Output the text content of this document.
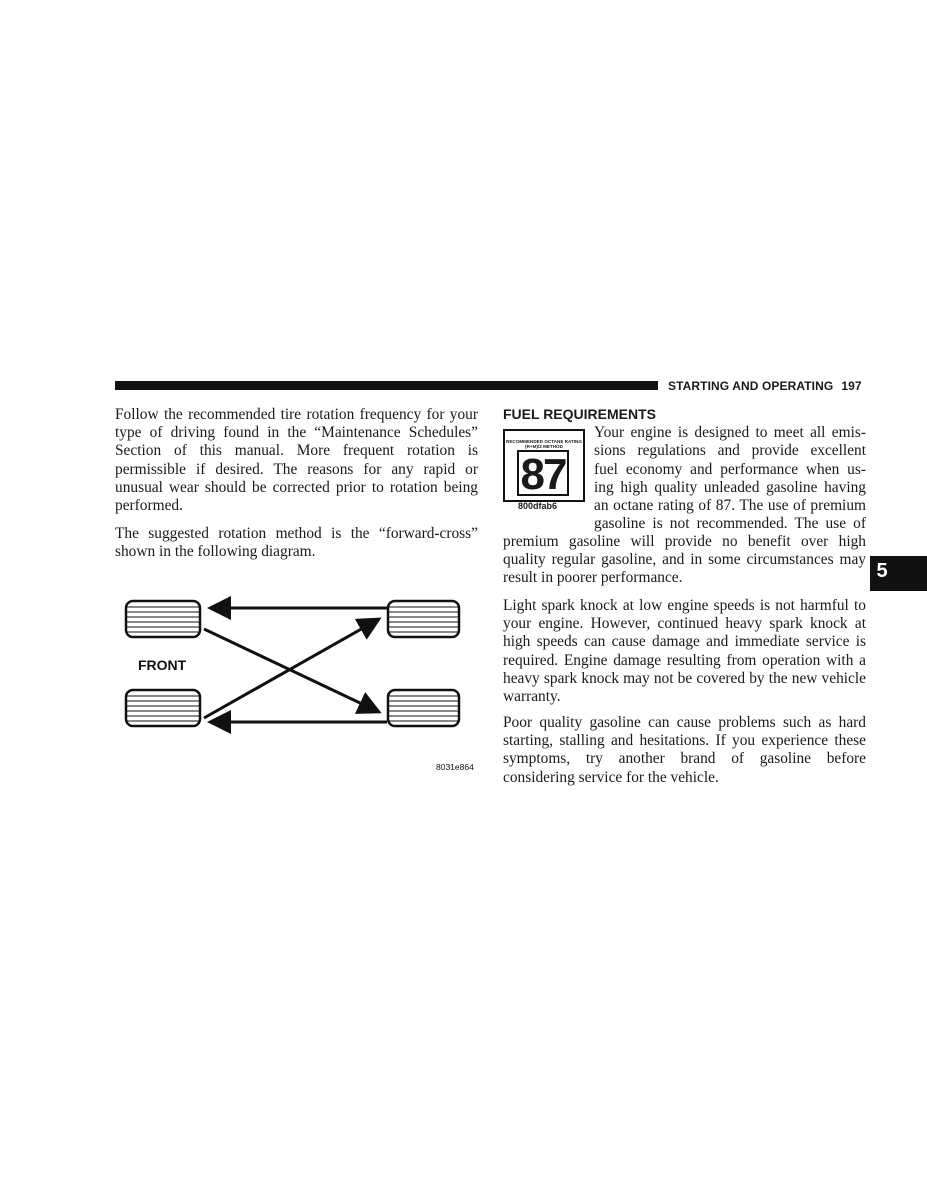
STARTING AND OPERATING 197

Follow the recommended tire rotation frequency for your type of driving found in the “Maintenance Schedules” Section of this manual. More frequent rotation is permissible if desired. The reasons for any rapid or unusual wear should be corrected prior to rotation being performed.

The suggested rotation method is the “forward-cross” shown in the following diagram.

FRONT
8031e864
FUEL REQUIREMENTS
RECOMMENDED OCTANE RATING
(R+M)/2 METHOD
87
800dfab6

Your engine is designed to meet all emis-

sions regulations and provide excellent

fuel economy and performance when us-

ing high quality unleaded gasoline having

an octane rating of 87. The use of premium

gasoline is not recommended. The use of

premium gasoline will provide no benefit over high

quality regular gasoline, and in some circumstances may

result in poorer performance.

Light spark knock at low engine speeds is not harmful to your engine. However, continued heavy spark knock at high speeds can cause damage and immediate service is required. Engine damage resulting from operation with a heavy spark knock may not be covered by the new vehicle warranty.

Poor quality gasoline can cause problems such as hard starting, stalling and hesitations. If you experience these symptoms, try another brand of gasoline before considering service for the vehicle.

5
